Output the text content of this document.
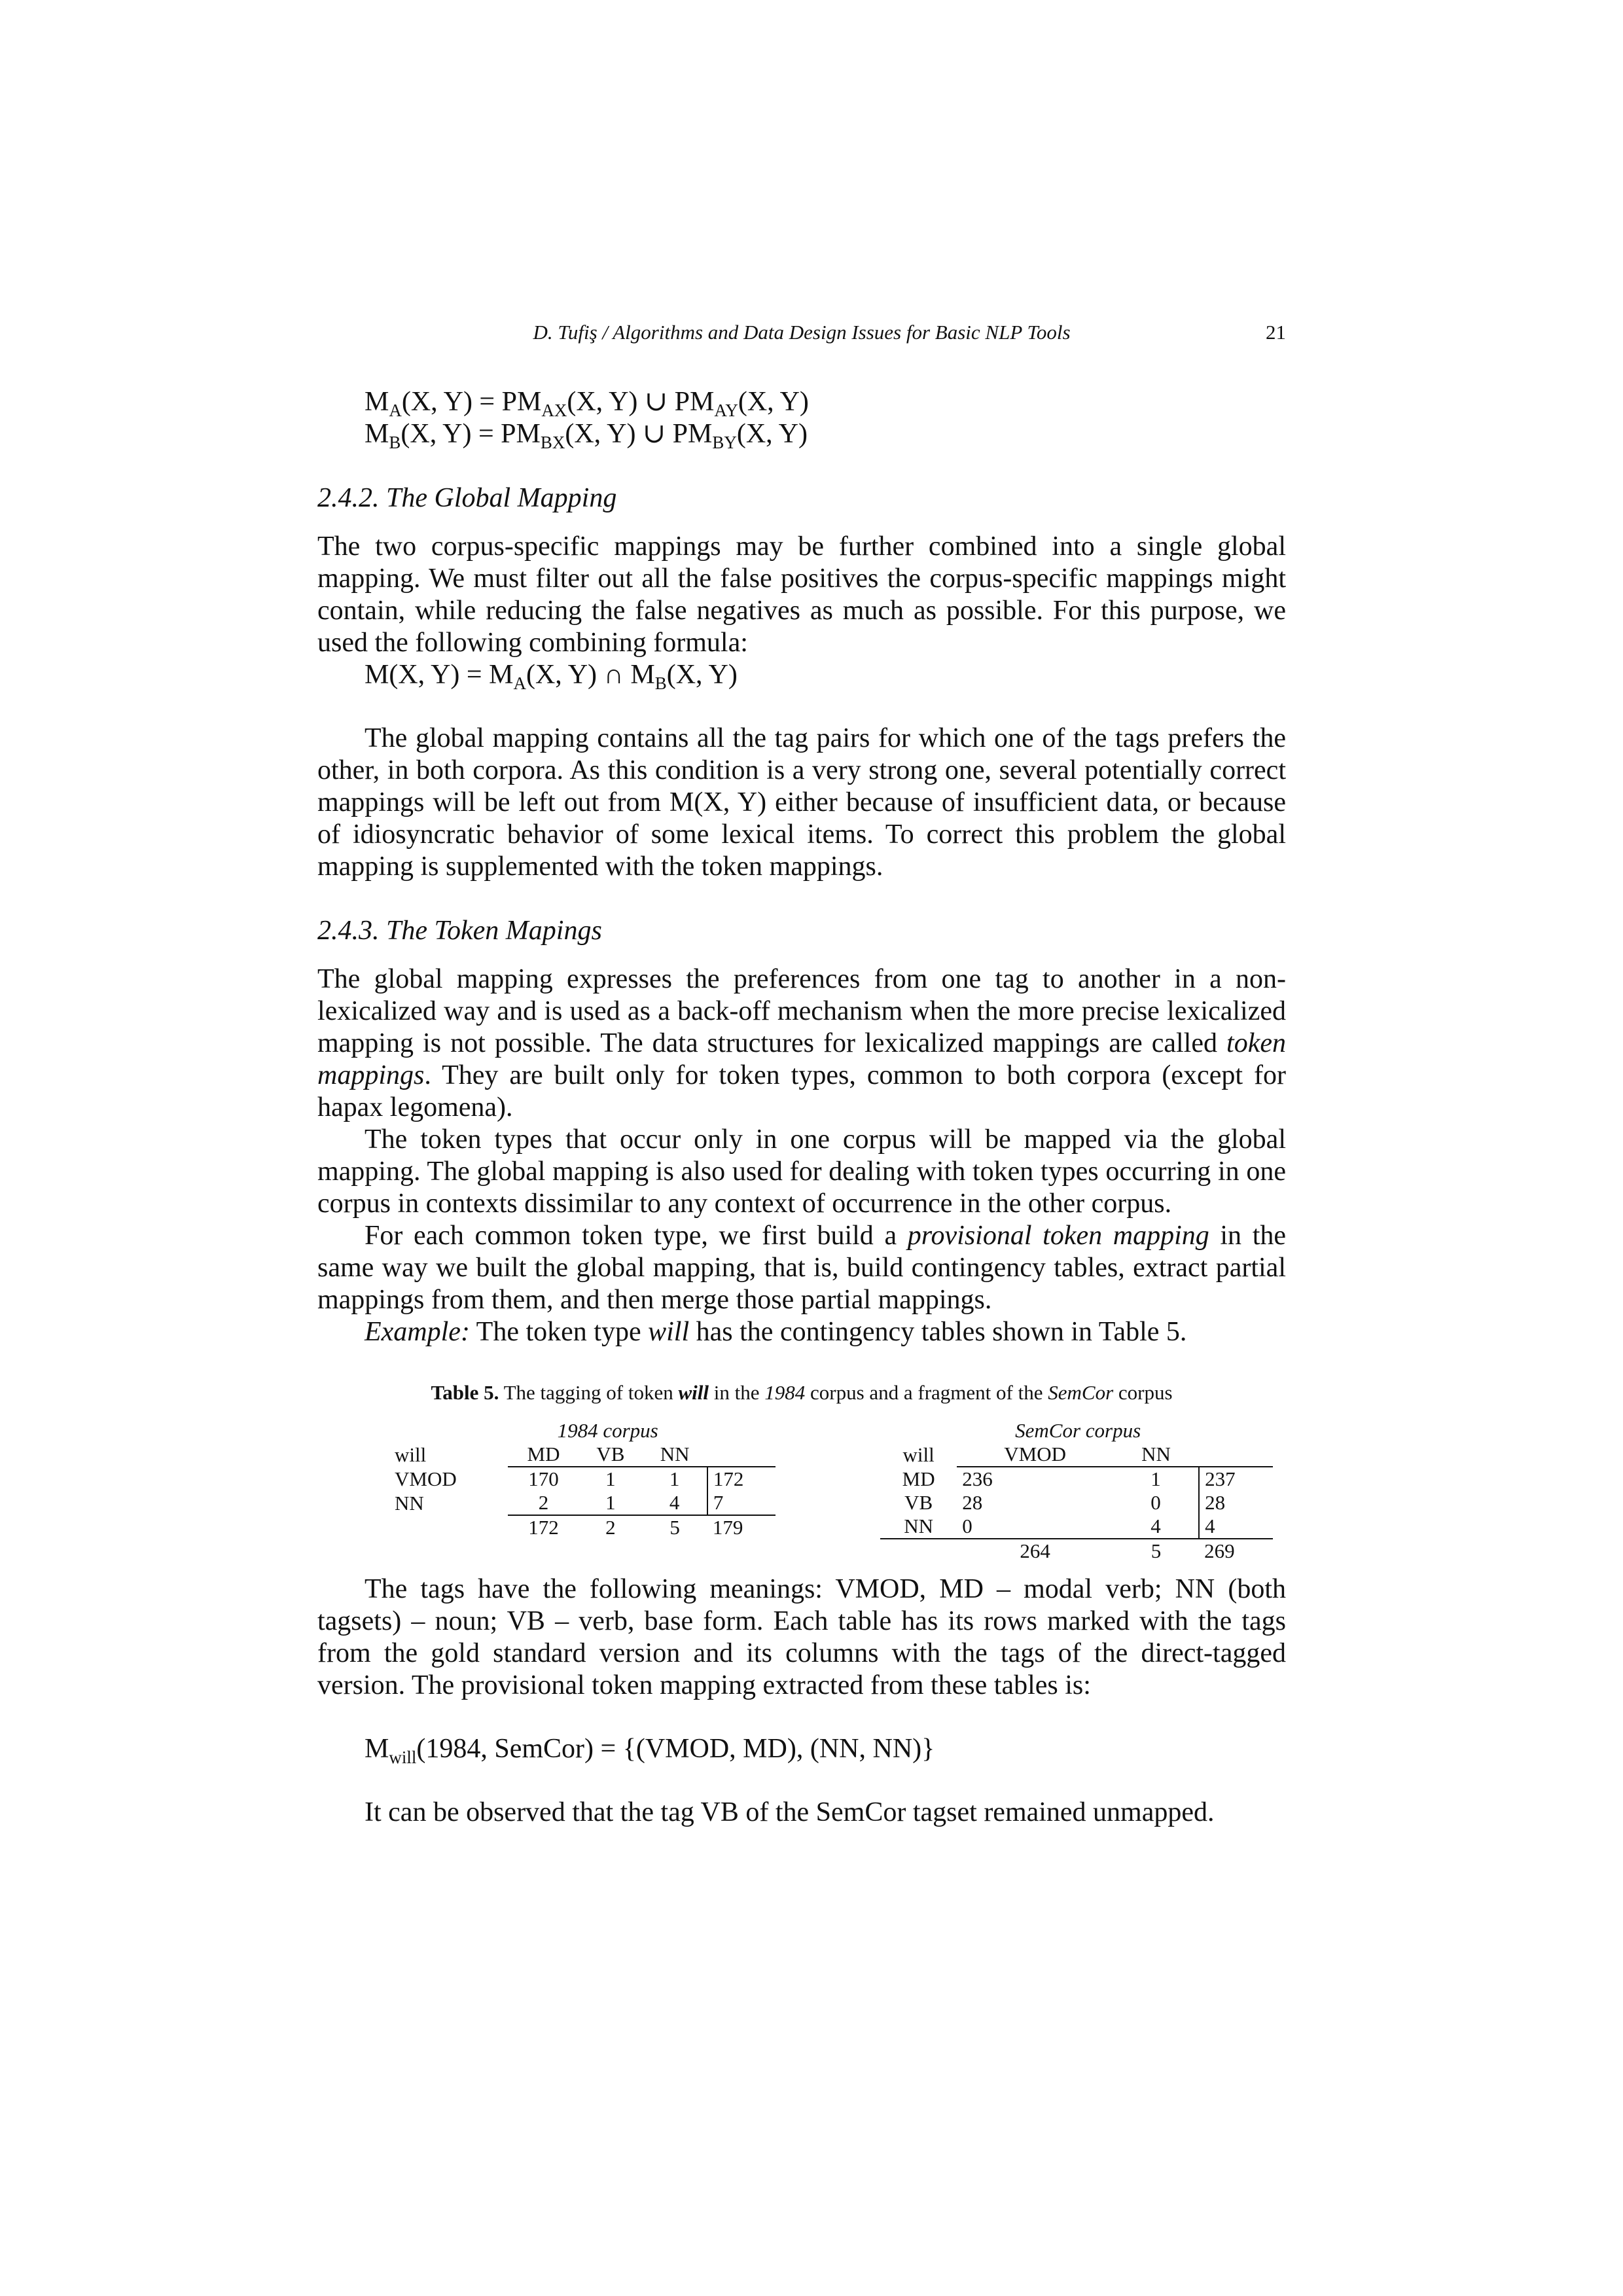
D. Tufiş / Algorithms and Data Design Issues for Basic NLP Tools	21
$M_A(X$, $Y) = PM_{AX}(X$, Y) ∪ $PM_{AY}(X$, Y)
$M_B(X$, $Y) = PM_{BX}(X$, Y) ∪ $PM_{BY}(X$, Y)
2.4.2. The Global Mapping

The two corpus-specific mappings may be further combined into a single global mapping. We must filter out all the false positives the corpus-specific mappings might contain, while reducing the false negatives as much as possible. For this purpose, we used the following combining formula:

M(X, $Y) = M_A(X$, Y) ∩ $M_B(X$, Y)

The global mapping contains all the tag pairs for which one of the tags prefers the other, in both corpora. As this condition is a very strong one, several potentially correct mappings will be left out from M(X, Y) either because of insufficient data, or because of idiosyncratic behavior of some lexical items. To correct this problem the global mapping is supplemented with the token mappings.

2.4.3. The Token Mapings

The global mapping expresses the preferences from one tag to another in a non-lexicalized way and is used as a back-off mechanism when the more precise lexicalized mapping is not possible. The data structures for lexicalized mappings are called token mappings. They are built only for token types, common to both corpora (except for hapax legomena).

The token types that occur only in one corpus will be mapped via the global mapping. The global mapping is also used for dealing with token types occurring in one corpus in contexts dissimilar to any context of occurrence in the other corpus.

For each common token type, we first build a provisional token mapping in the same way we built the global mapping, that is, build contingency tables, extract partial mappings from them, and then merge those partial mappings.

Example: The token type will has the contingency tables shown in Table 5.

Table 5. The tagging of token will in the 1984 corpus and a fragment of the SemCor corpus
	1984 corpus			
will	MD	VB	NN	
VMOD	170	1	1	172
NN	2	1	4	7
	172	2	5	179
	SemCor corpus		
will	VMOD	NN	
MD	236	1	237
VB	28	0	28
NN	0	4	4
	264	5	269

The tags have the following meanings: VMOD, MD – modal verb; NN (both tagsets) – noun; VB – verb, base form. Each table has its rows marked with the tags from the gold standard version and its columns with the tags of the direct-tagged version. The provisional token mapping extracted from these tables is:

$M_{will}(1984$, SemCor) = {(VMOD, MD), (NN, NN)}

It can be observed that the tag VB of the SemCor tagset remained unmapped.
